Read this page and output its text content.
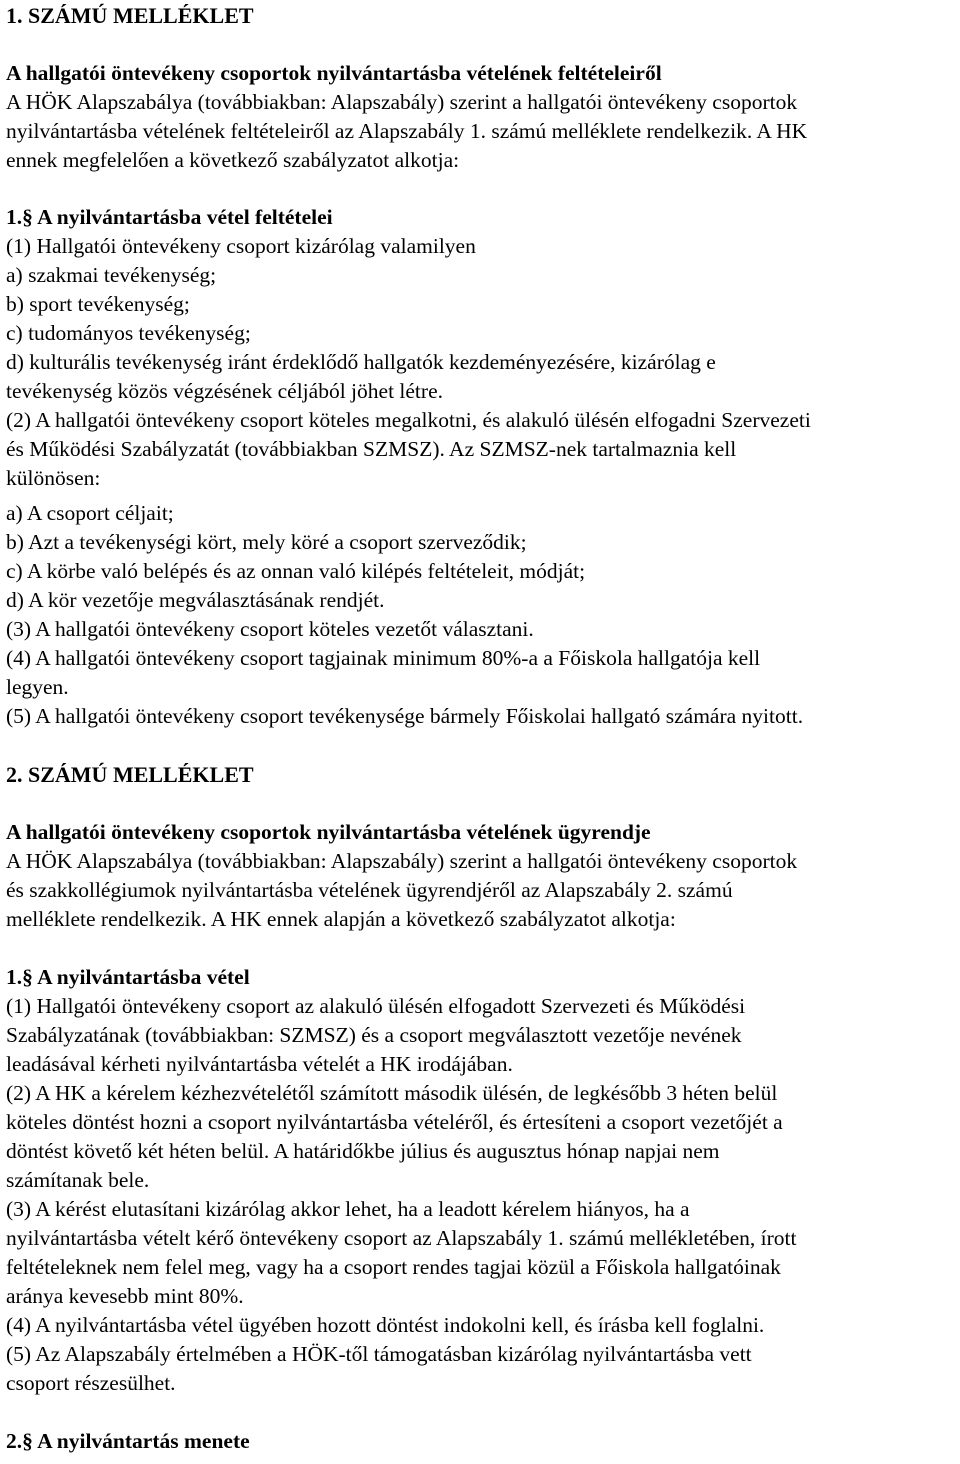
1. SZÁMÚ MELLÉKLET
A hallgatói öntevékeny csoportok nyilvántartásba vételének feltételeiről
A HÖK Alapszabálya (továbbiakban: Alapszabály) szerint a hallgatói öntevékeny csoportok
nyilvántartásba vételének feltételeiről az Alapszabály 1. számú melléklete rendelkezik. A HK
ennek megfelelően a következő szabályzatot alkotja:
1.§ A nyilvántartásba vétel feltételei
(1) Hallgatói öntevékeny csoport kizárólag valamilyen
a) szakmai tevékenység;
b) sport tevékenység;
c) tudományos tevékenység;
d) kulturális tevékenység iránt érdeklődő hallgatók kezdeményezésére, kizárólag e
tevékenység közös végzésének céljából jöhet létre.
(2) A hallgatói öntevékeny csoport köteles megalkotni, és alakuló ülésén elfogadni Szervezeti
és Működési Szabályzatát (továbbiakban SZMSZ). Az SZMSZ-nek tartalmaznia kell
különösen:
a) A csoport céljait;
b) Azt a tevékenységi kört, mely köré a csoport szerveződik;
c) A körbe való belépés és az onnan való kilépés feltételeit, módját;
d) A kör vezetője megválasztásának rendjét.
(3) A hallgatói öntevékeny csoport köteles vezetőt választani.
(4) A hallgatói öntevékeny csoport tagjainak minimum 80%-a a Főiskola hallgatója kell
legyen.
(5) A hallgatói öntevékeny csoport tevékenysége bármely Főiskolai hallgató számára nyitott.
2. SZÁMÚ MELLÉKLET
A hallgatói öntevékeny csoportok nyilvántartásba vételének ügyrendje
A HÖK Alapszabálya (továbbiakban: Alapszabály) szerint a hallgatói öntevékeny csoportok
és szakkollégiumok nyilvántartásba vételének ügyrendjéről az Alapszabály 2. számú
melléklete rendelkezik. A HK ennek alapján a következő szabályzatot alkotja:
1.§ A nyilvántartásba vétel
(1) Hallgatói öntevékeny csoport az alakuló ülésén elfogadott Szervezeti és Működési
Szabályzatának (továbbiakban: SZMSZ) és a csoport megválasztott vezetője nevének
leadásával kérheti nyilvántartásba vételét a HK irodájában.
(2) A HK a kérelem kézhezvételétől számított második ülésén, de legkésőbb 3 héten belül
köteles döntést hozni a csoport nyilvántartásba vételéről, és értesíteni a csoport vezetőjét a
döntést követő két héten belül. A határidőkbe július és augusztus hónap napjai nem
számítanak bele.
(3) A kérést elutasítani kizárólag akkor lehet, ha a leadott kérelem hiányos, ha a
nyilvántartásba vételt kérő öntevékeny csoport az Alapszabály 1. számú mellékletében, írott
feltételeknek nem felel meg, vagy ha a csoport rendes tagjai közül a Főiskola hallgatóinak
aránya kevesebb mint 80%.
(4) A nyilvántartásba vétel ügyében hozott döntést indokolni kell, és írásba kell foglalni.
(5) Az Alapszabály értelmében a HÖK-től támogatásban kizárólag nyilvántartásba vett
csoport részesülhet.
2.§ A nyilvántartás menete
